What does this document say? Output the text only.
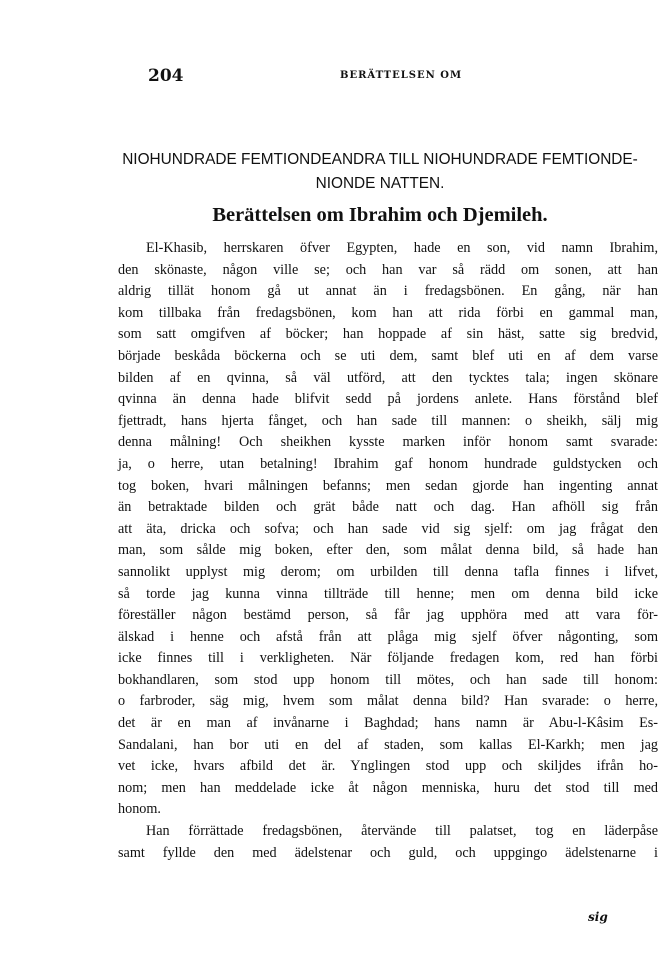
204	BERÄTTELSEN OM
NIOHUNDRADE FEMTIONDEANDRA TILL NIOHUNDRADE FEMTIONDE-
NIONDE NATTEN.
Berättelsen om Ibrahim och Djemileh.
El-Khasib, herrskaren öfver Egypten, hade en son, vid namn Ibrahim,
den skönaste, någon ville se; och han var så rädd om sonen, att han
aldrig tillät honom gå ut annat än i fredagsbönen. En gång, när han
kom tillbaka från fredagsbönen, kom han att rida förbi en gammal man,
som satt omgifven af böcker; han hoppade af sin häst, satte sig bredvid,
började beskåda böckerna och se uti dem, samt blef uti en af dem varse
bilden af en qvinna, så väl utförd, att den tycktes tala; ingen skönare
qvinna än denna hade blifvit sedd på jordens anlete. Hans förstånd blef
fjettradt, hans hjerta fånget, och han sade till mannen: o sheikh, sälj mig
denna målning! Och sheikhen kysste marken inför honom samt svarade:
ja, o herre, utan betalning! Ibrahim gaf honom hundrade guldstycken och
tog boken, hvari målningen befanns; men sedan gjorde han ingenting annat
än betraktade bilden och grät både natt och dag. Han afhöll sig från
att äta, dricka och sofva; och han sade vid sig sjelf: om jag frågat den
man, som sålde mig boken, efter den, som målat denna bild, så hade han
sannolikt upplyst mig derom; om urbilden till denna tafla finnes i lifvet,
så torde jag kunna vinna tillträde till henne; men om denna bild icke
föreställer någon bestämd person, så får jag upphöra med att vara för-
älskad i henne och afstå från att plåga mig sjelf öfver någonting, som
icke finnes till i verkligheten. När följande fredagen kom, red han förbi
bokhandlaren, som stod upp honom till mötes, och han sade till honom:
o farbroder, säg mig, hvem som målat denna bild? Han svarade: o herre,
det är en man af invånarne i Baghdad; hans namn är Abu-l-Kâsim Es-
Sandalani, han bor uti en del af staden, som kallas El-Karkh; men jag
vet icke, hvars afbild det är. Ynglingen stod upp och skiljdes ifrån ho-
nom; men han meddelade icke åt någon menniska, huru det stod till med
honom.
Han förrättade fredagsbönen, återvände till palatset, tog en läderpåse
samt fyllde den med ädelstenar och guld, och uppgingo ädelstenarne i
sig
